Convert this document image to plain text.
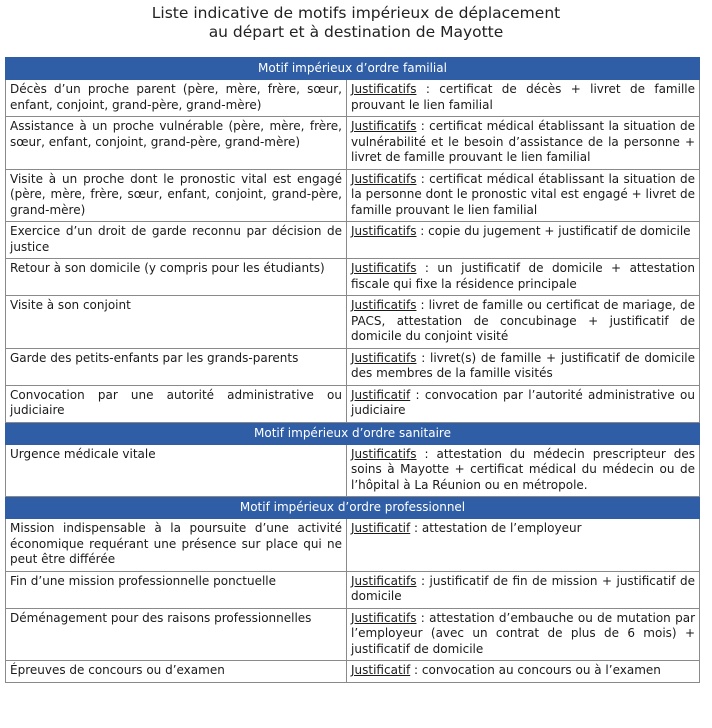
Liste indicative de motifs impérieux de déplacement
au départ et à destination de Mayotte
Motif impérieux d’ordre familial	
Décès d’un proche parent (père, mère, frère, sœur, enfant, conjoint, grand-père, grand-mère)	Justificatifs : certificat de décès + livret de famille prouvant le lien familial
Assistance à un proche vulnérable (père, mère, frère, sœur, enfant, conjoint, grand-père, grand-mère)	Justificatifs : certificat médical établissant la situation de vulnérabilité et le besoin d’assistance de la personne + livret de famille prouvant le lien familial
Visite à un proche dont le pronostic vital est engagé (père, mère, frère, sœur, enfant, conjoint, grand-père, grand-mère)	Justificatifs : certificat médical établissant la situation de la personne dont le pronostic vital est engagé + livret de famille prouvant le lien familial
Exercice d’un droit de garde reconnu par décision de justice	Justificatifs : copie du jugement + justificatif de domicile
Retour à son domicile (y compris pour les étudiants)	Justificatifs : un justificatif de domicile + attestation fiscale qui fixe la résidence principale
Visite à son conjoint	Justificatifs : livret de famille ou certificat de mariage, de PACS, attestation de concubinage + justificatif de domicile du conjoint visité
Garde des petits-enfants par les grands-parents	Justificatifs : livret(s) de famille + justificatif de domicile des membres de la famille visités
Convocation par une autorité administrative ou judiciaire	Justificatif : convocation par l’autorité administrative ou judiciaire
Motif impérieux d’ordre sanitaire	
Urgence médicale vitale	Justificatifs : attestation du médecin prescripteur des soins à Mayotte + certificat médical du médecin ou de l’hôpital à La Réunion ou en métropole.
Motif impérieux d’ordre professionnel	
Mission indispensable à la poursuite d’une activité économique requérant une présence sur place qui ne peut être différée	Justificatif : attestation de l’employeur
Fin d’une mission professionnelle ponctuelle	Justificatifs : justificatif de fin de mission + justificatif de domicile
Déménagement pour des raisons professionnelles	Justificatifs : attestation d’embauche ou de mutation par l’employeur (avec un contrat de plus de 6 mois) + justificatif de domicile
Épreuves de concours ou d’examen	Justificatif : convocation au concours ou à l’examen
